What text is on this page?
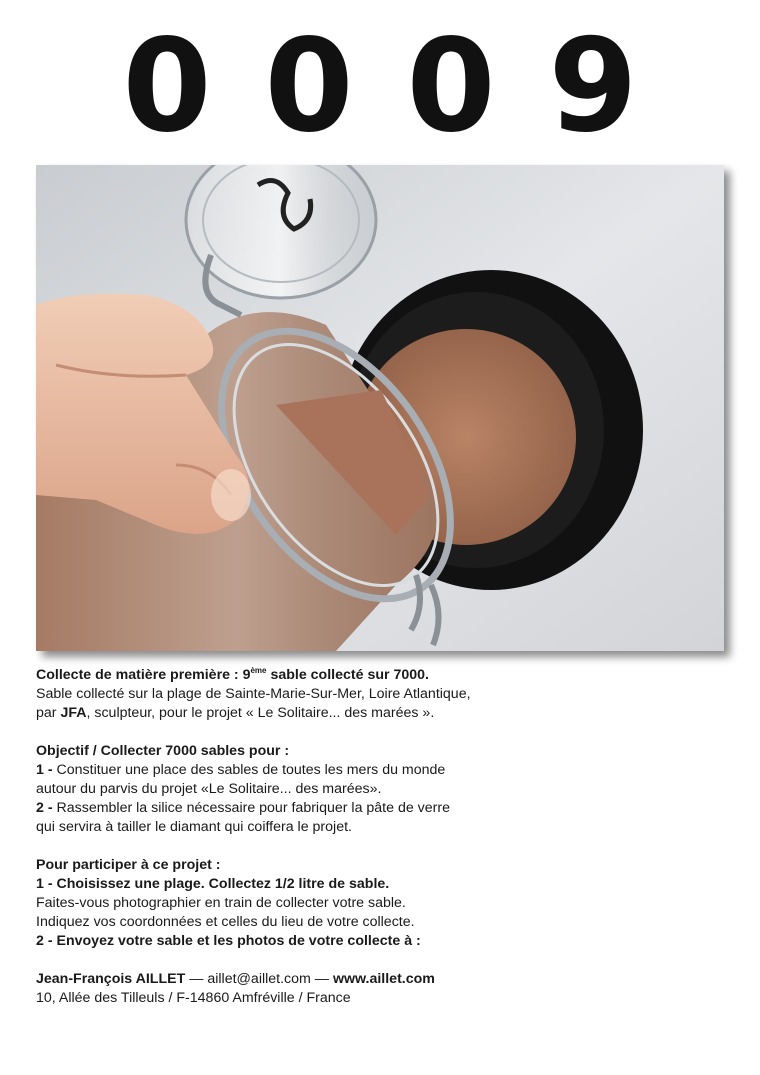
0 0 0 9

Collecte de matière première : 9ème sable collecté sur 7000.

Sable collecté sur la plage de Sainte-Marie-Sur-Mer, Loire Atlantique,

par JFA, sculpteur, pour le projet « Le Solitaire... des marées ».

Objectif / Collecter 7000 sables pour :

1 - Constituer une place des sables de toutes les mers du monde

autour du parvis du projet «Le Solitaire... des marées».

2 - Rassembler la silice nécessaire pour fabriquer la pâte de verre

qui servira à tailler le diamant qui coiffera le projet.

Pour participer à ce projet :

1 - Choisissez une plage. Collectez 1/2 litre de sable.

Faites-vous photographier en train de collecter votre sable.

Indiquez vos coordonnées et celles du lieu de votre collecte.

2 - Envoyez votre sable et les photos de votre collecte à :

Jean-François AILLET — aillet@aillet.com — www.aillet.com

10, Allée des Tilleuls / F-14860 Amfréville / France
